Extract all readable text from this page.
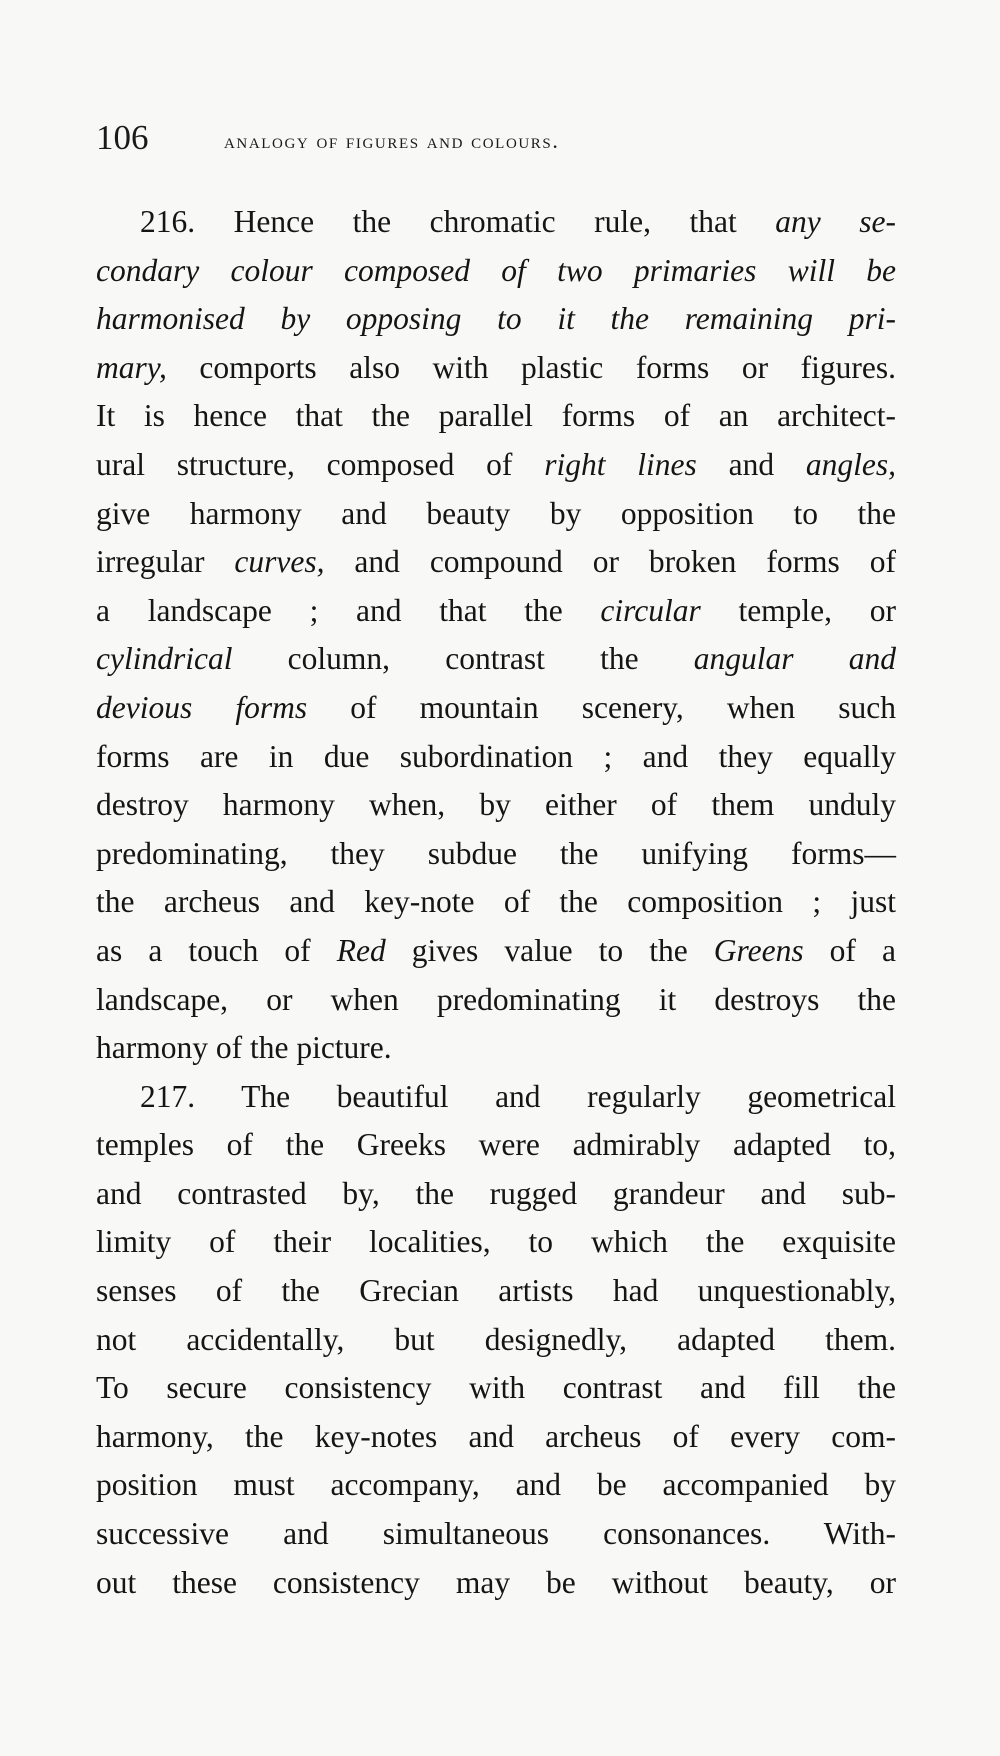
106	analogy of figures and colours.
216. Hence the chromatic rule, that any se-
condary colour composed of two primaries will be
harmonised by opposing to it the remaining pri-
mary, comports also with plastic forms or figures.
It is hence that the parallel forms of an architect-
ural structure, composed of right lines and angles,
give harmony and beauty by opposition to the
irregular curves, and compound or broken forms of
a landscape ; and that the circular temple, or
cylindrical column, contrast the angular and
devious forms of mountain scenery, when such
forms are in due subordination ; and they equally
destroy harmony when, by either of them unduly
predominating, they subdue the unifying forms—
the archeus and key-note of the composition ; just
as a touch of Red gives value to the Greens of a
landscape, or when predominating it destroys the
harmony of the picture.
217. The beautiful and regularly geometrical
temples of the Greeks were admirably adapted to,
and contrasted by, the rugged grandeur and sub-
limity of their localities, to which the exquisite
senses of the Grecian artists had unquestionably,
not accidentally, but designedly, adapted them.
To secure consistency with contrast and fill the
harmony, the key-notes and archeus of every com-
position must accompany, and be accompanied by
successive and simultaneous consonances. With-
out these consistency may be without beauty, or
